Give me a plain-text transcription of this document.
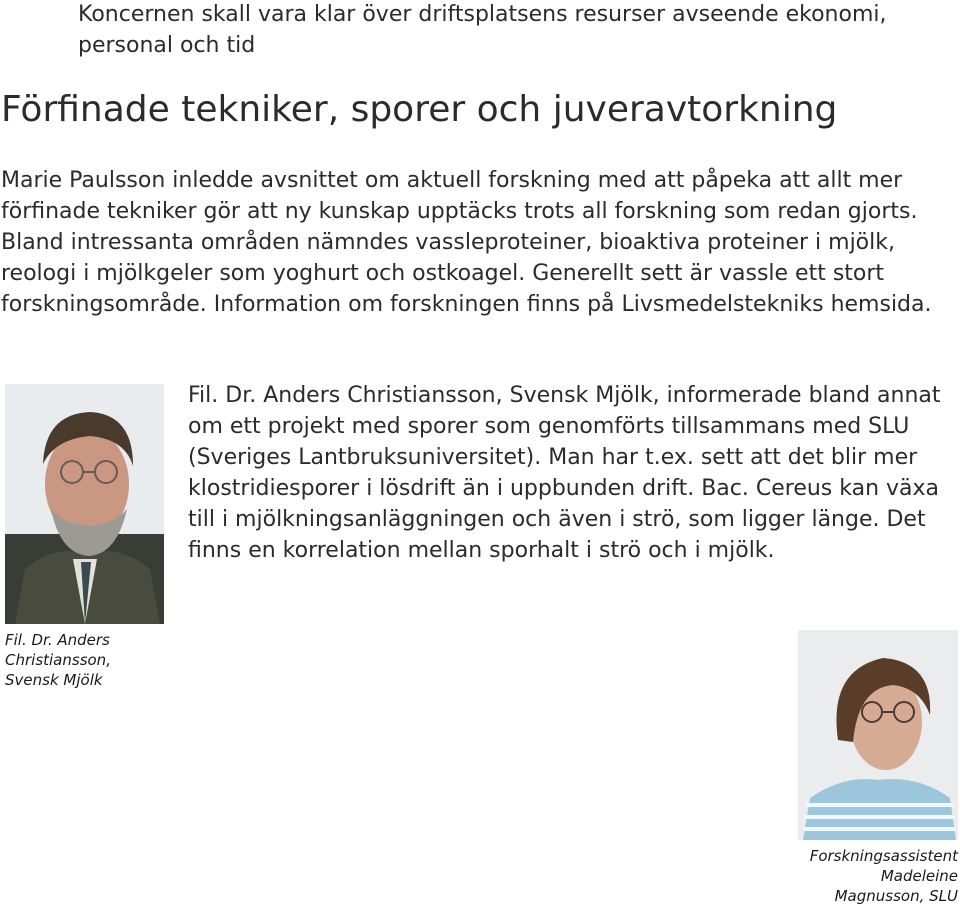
Koncernen skall vara klar över driftsplatsens resurser avseende ekonomi, personal och tid

Förfinade tekniker, sporer och juveravtorkning

Marie Paulsson inledde avsnittet om aktuell forskning med att påpeka att allt mer förfinade tekniker gör att ny kunskap upptäcks trots all forskning som redan gjorts. Bland intressanta områden nämndes vassleproteiner, bioaktiva proteiner i mjölk, reologi i mjölkgeler som yoghurt och ostkoagel. Generellt sett är vassle ett stort forskningsområde. Information om forskningen finns på Livsmedelstekniks hemsida.

Fil. Dr. Anders
Christiansson,
Svensk Mjölk

Fil. Dr. Anders Christiansson, Svensk Mjölk, informerade bland annat om ett projekt med sporer som genomförts tillsammans med SLU (Sveriges Lantbruksuniversitet). Man har t.ex. sett att det blir mer klostridiesporer i lösdrift än i uppbunden drift. Bac. Cereus kan växa till i mjölkningsanläggningen och även i strö, som ligger länge. Det finns en korrelation mellan sporhalt i strö och i mjölk.

Forskningsassistent
Madeleine
Magnusson, SLU
